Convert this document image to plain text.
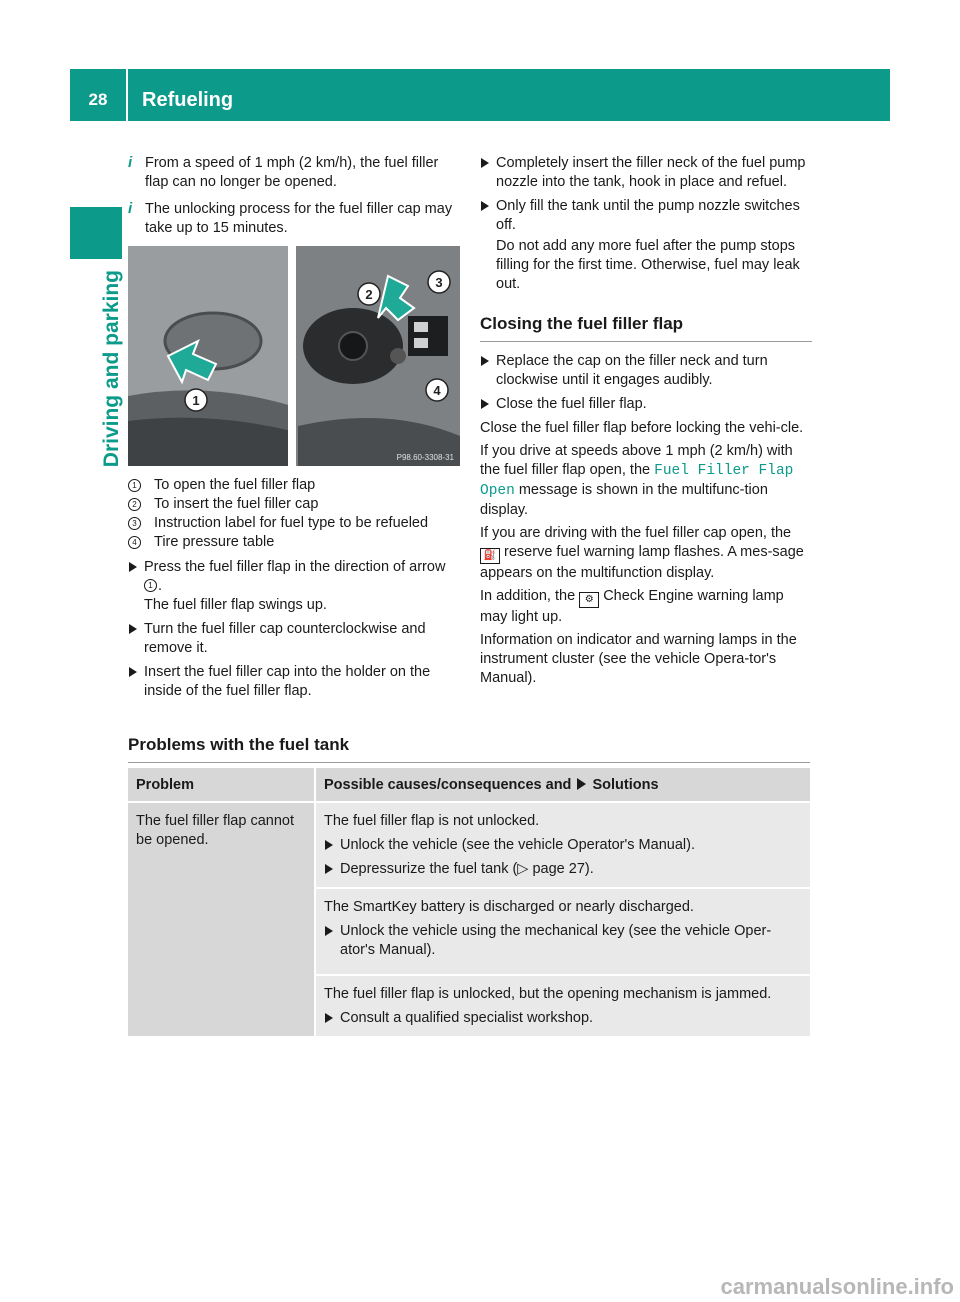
28	Refueling
Driving and parking

i From a speed of 1 mph (2 km/h), the fuel filler flap can no longer be opened.

i The unlocking process for the fuel filler cap may take up to 15 minutes.

1
2
3
4
P98.60-3308-31
1 To open the fuel filler flap
2 To insert the fuel filler cap
3 Instruction label for fuel type to be refueled
4 Tire pressure table

Press the fuel filler flap in the direction of arrow
1 .
The fuel filler flap swings up.

Turn the fuel filler cap counterclockwise and remove it.

Insert the fuel filler cap into the holder on the inside of the fuel filler flap.

Completely insert the filler neck of the fuel pump nozzle into the tank, hook in place and refuel.

Only fill the tank until the pump nozzle switches off.

Do not add any more fuel after the pump stops filling for the first time. Otherwise, fuel may leak out.

Closing the fuel filler flap

Replace the cap on the filler neck and turn clockwise until it engages audibly.

Close the fuel filler flap.

Close the fuel filler flap before locking the vehi-cle.

If you drive at speeds above 1 mph (2 km/h) with the fuel filler flap open, the Fuel Filler Flap Open message is shown in the multifunc-tion display.

If you are driving with the fuel filler cap open, the
⛽ reserve fuel warning lamp flashes. A mes-sage appears on the multifunction display.

In addition, the ⚙ Check Engine warning lamp may light up.

Information on indicator and warning lamps in the instrument cluster (see the vehicle Opera-tor's Manual).

Problems with the fuel tank
Problem	Possible causes/consequences and Solutions
The fuel filler flap cannot be opened.	The fuel filler flap is not unlocked.

Unlock the vehicle (see the vehicle Operator's Manual).

Depressurize the fuel tank (▷ page 27).

	The SmartKey battery is discharged or nearly discharged.

Unlock the vehicle using the mechanical key (see the vehicle Oper-ator's Manual).

	The fuel filler flap is unlocked, but the opening mechanism is jammed.

Consult a qualified specialist workshop.

carmanualsonline.info
